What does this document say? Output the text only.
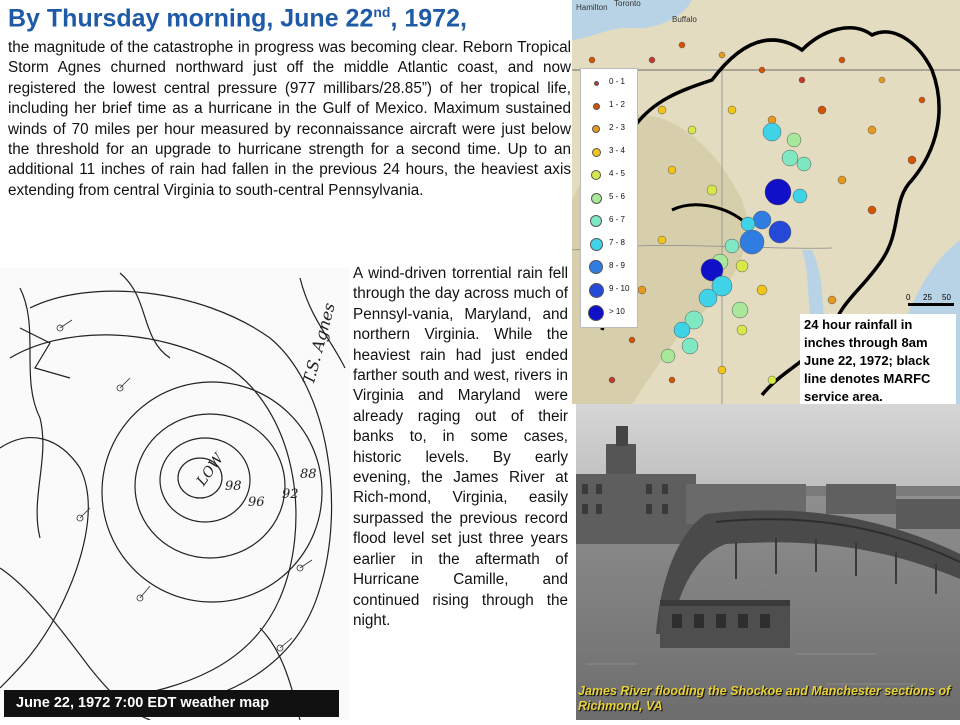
By Thursday morning, June 22nd, 1972,
the magnitude of the catastrophe in progress was becoming clear. Reborn Tropical Storm Agnes churned northward just off the middle Atlantic coast, and now registered the lowest central pressure (977 millibars/28.85”) of her tropical life, including her brief time as a hurricane in the Gulf of Mexico. Maximum sustained winds of 70 miles per hour measured by reconnaissance aircraft were just below the threshold for an upgrade to hurricane strength for a second time. Up to an additional 11 inches of rain had fallen in the previous 24 hours, the heaviest axis extending from central Virginia to south-central Pennsylvania.
Hamilton Toronto
Buffalo
0 25 50
0 - 1
1 - 2
2 - 3
3 - 4
4 - 5
5 - 6
6 - 7
7 - 8
8 - 9
9 - 10
> 10
24 hour rainfall in inches through 8am June 22, 1972; black line denotes MARFC service area.
LOW
T.S. Agnes
98
96
92
88
June 22, 1972 7:00 EDT weather map
A wind-driven torrential rain fell through the day across much of Pennsyl-vania, Maryland, and northern Virginia. While the heaviest rain had just ended farther south and west, rivers in Virginia and Maryland were already raging out of their banks to, in some cases, historic levels. By early evening, the James River at Rich-mond, Virginia, easily surpassed the previous record flood level set just three years earlier in the aftermath of Hurricane Camille, and continued rising through the night.
James River flooding the Shockoe and Manchester sections of Richmond, VA
